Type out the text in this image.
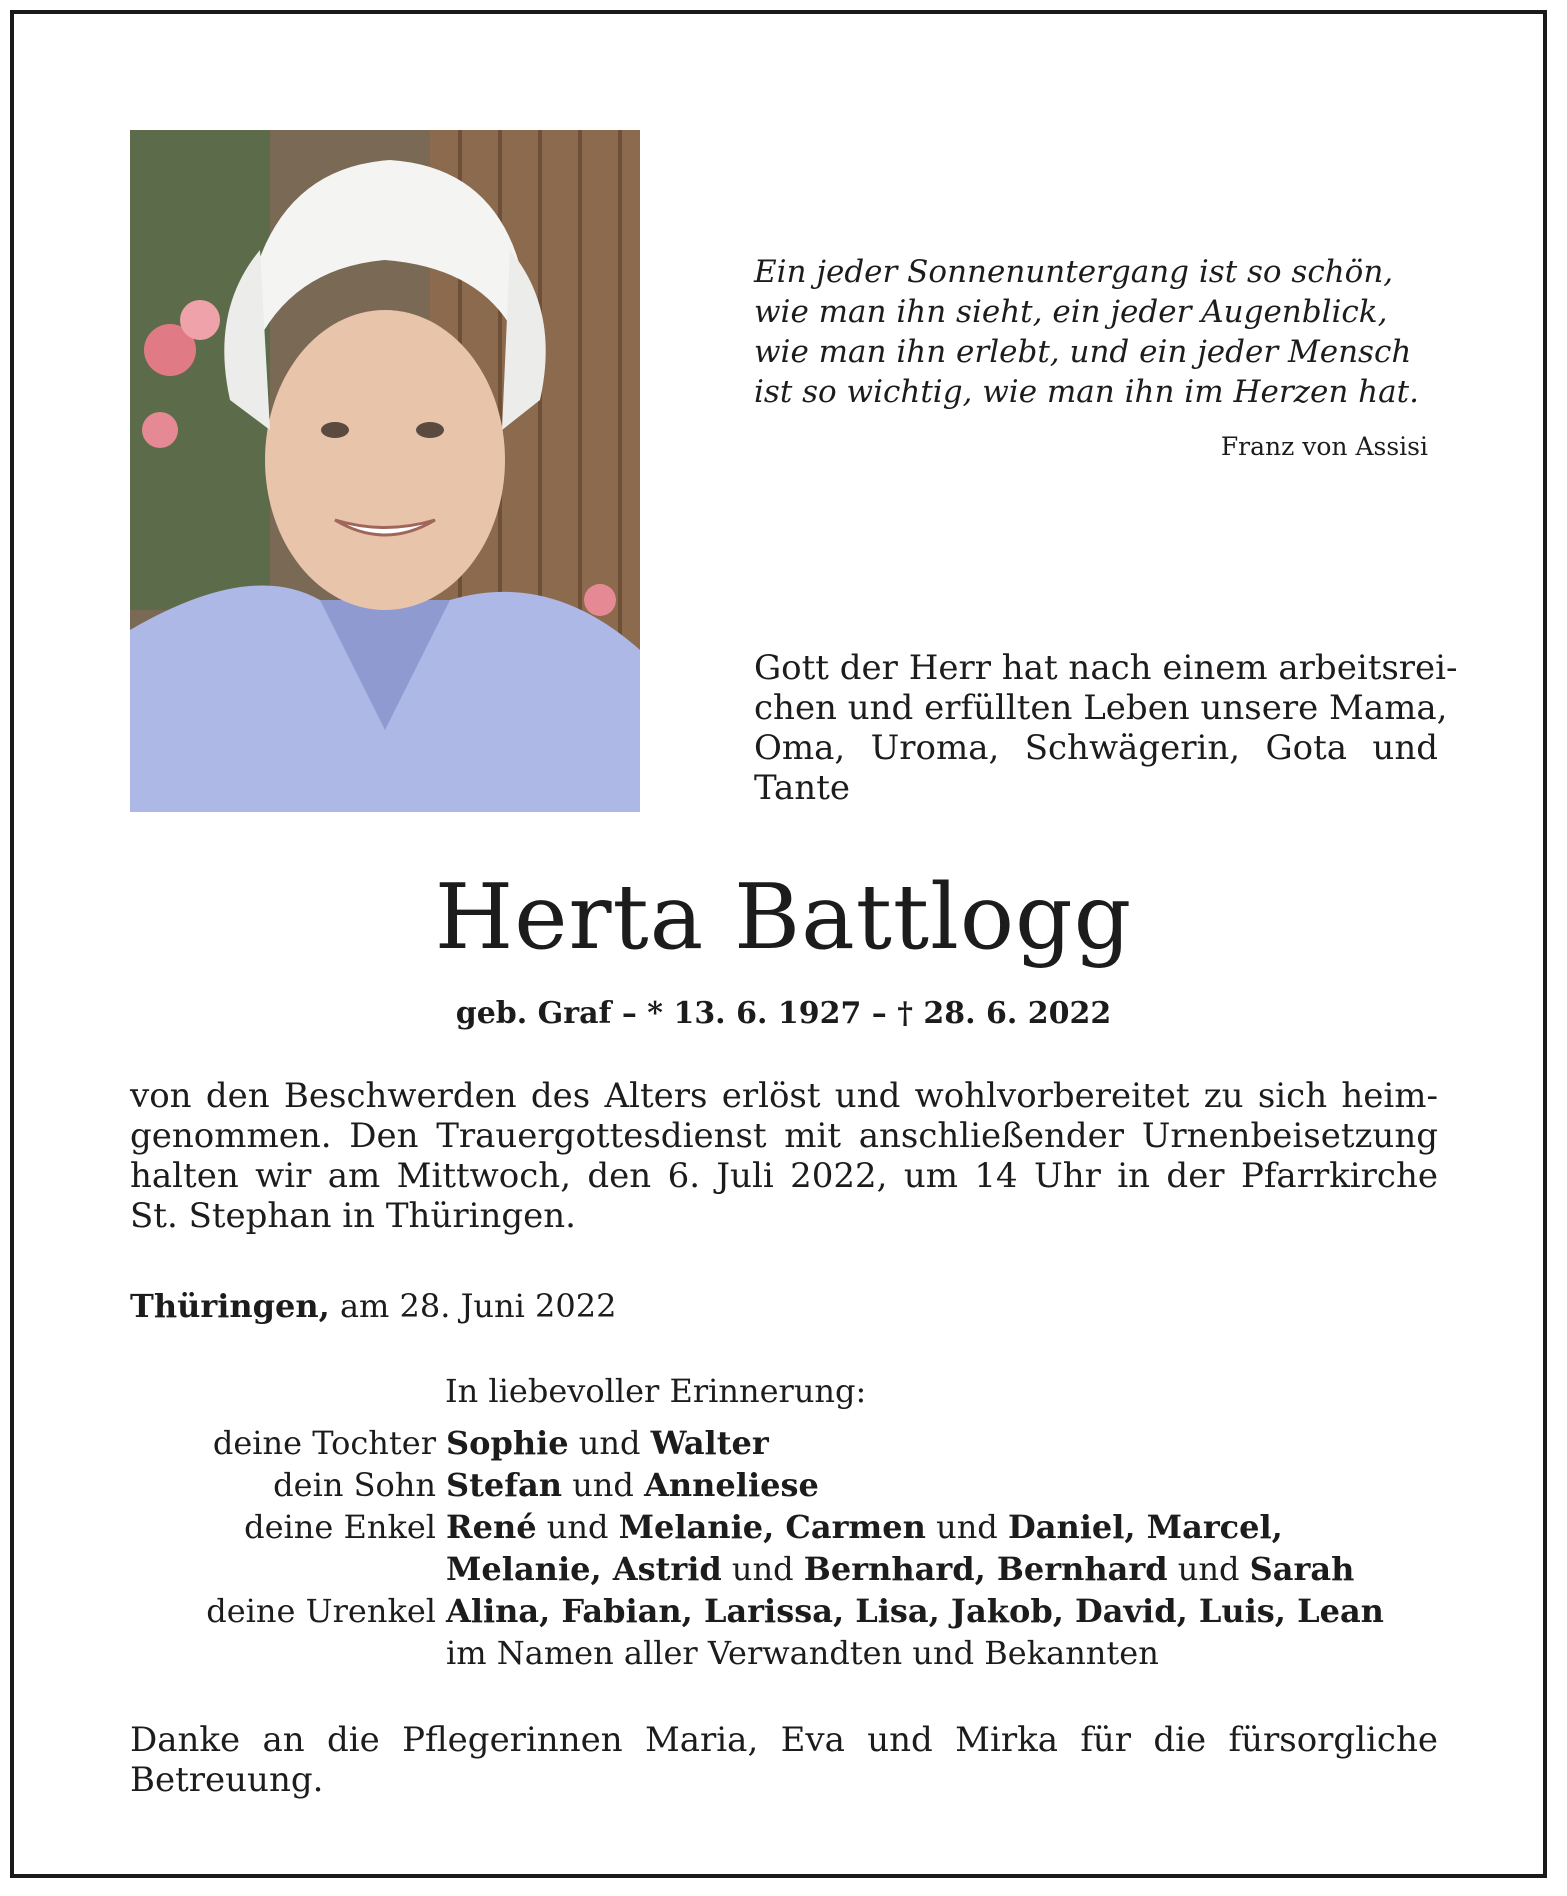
Ein jeder Sonnenuntergang ist so schön,
wie man ihn sieht, ein jeder Augenblick,
wie man ihn erlebt, und ein jeder Mensch
ist so wichtig, wie man ihn im Herzen hat.
Franz von Assisi
Gott der Herr hat nach einem arbeitsrei-
chen und erfüllten Leben unsere Mama,
Oma, Uroma, Schwägerin, Gota und
Tante
Herta Battlogg
geb. Graf – * 13. 6. 1927 – † 28. 6. 2022
von den Beschwerden des Alters erlöst und wohlvorbereitet zu sich heim-
genommen. Den Trauergottesdienst mit anschließender Urnenbeisetzung
halten wir am Mittwoch, den 6. Juli 2022, um 14 Uhr in der Pfarrkirche
St. Stephan in Thüringen.
Thüringen, am 28. Juni 2022
In liebevoller Erinnerung:
deine Tochter Sophie und Walter
dein Sohn Stefan und Anneliese
deine Enkel René und Melanie, Carmen und Daniel, Marcel,
Melanie, Astrid und Bernhard, Bernhard und Sarah
deine Urenkel Alina, Fabian, Larissa, Lisa, Jakob, David, Luis, Lean
im Namen aller Verwandten und Bekannten
Danke an die Pflegerinnen Maria, Eva und Mirka für die fürsorgliche
Betreuung.
